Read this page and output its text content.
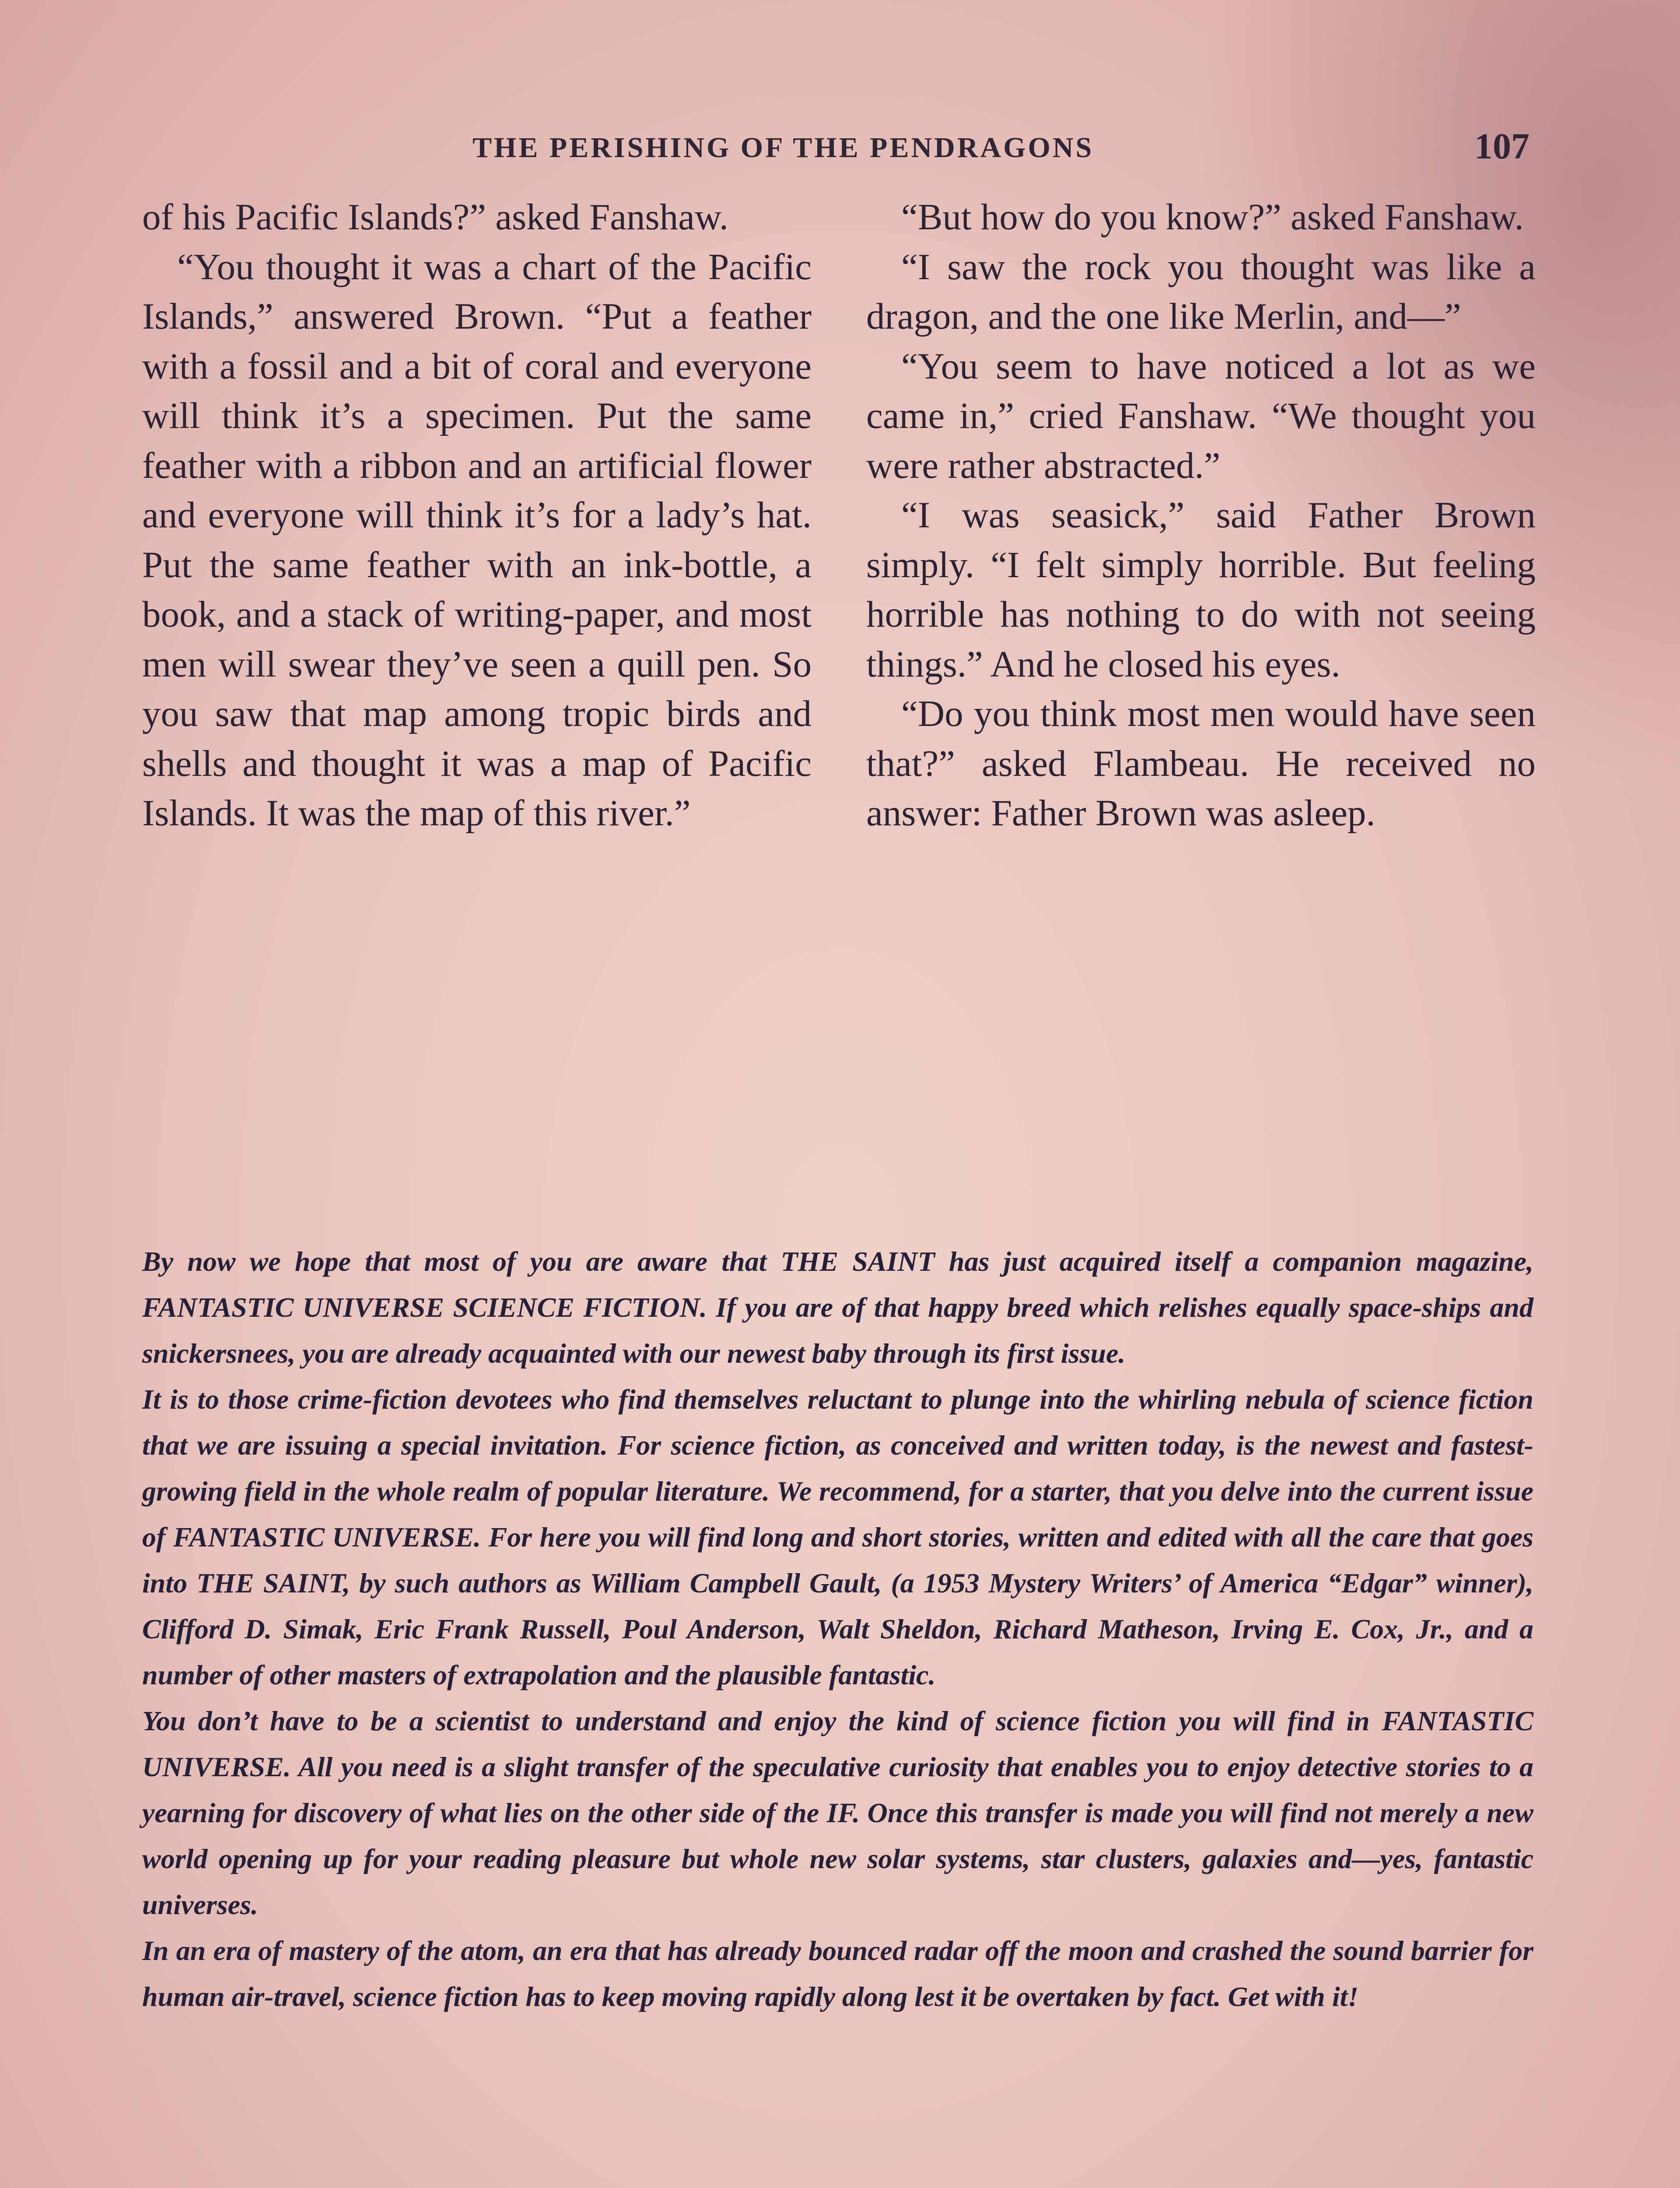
THE PERISHING OF THE PENDRAGONS	107

of his Pacific Islands?” asked Fanshaw.

“You thought it was a chart of the Pacific Islands,” answered Brown. “Put a feather with a fossil and a bit of coral and everyone will think it’s a specimen. Put the same feather with a ribbon and an artificial flower and everyone will think it’s for a lady’s hat. Put the same feather with an ink-bottle, a book, and a stack of writing-paper, and most men will swear they’ve seen a quill pen. So you saw that map among tropic birds and shells and thought it was a map of Pacific Islands. It was the map of this river.”

“But how do you know?” asked Fanshaw.

“I saw the rock you thought was like a dragon, and the one like Merlin, and—”

“You seem to have noticed a lot as we came in,” cried Fanshaw. “We thought you were rather abstracted.”

“I was seasick,” said Father Brown simply. “I felt simply horrible. But feeling horrible has nothing to do with not seeing things.” And he closed his eyes.

“Do you think most men would have seen that?” asked Flambeau. He received no answer: Father Brown was asleep.

By now we hope that most of you are aware that THE SAINT has just acquired itself a companion magazine, FANTASTIC UNIVERSE SCIENCE FICTION. If you are of that happy breed which relishes equally space-ships and snickersnees, you are already acquainted with our newest baby through its first issue.

It is to those crime-fiction devotees who find themselves reluctant to plunge into the whirling nebula of science fiction that we are issuing a special invitation. For science fiction, as conceived and written today, is the newest and fastest-growing field in the whole realm of popular literature. We recommend, for a starter, that you delve into the current issue of FANTASTIC UNIVERSE. For here you will find long and short stories, written and edited with all the care that goes into THE SAINT, by such authors as William Campbell Gault, (a 1953 Mystery Writers’ of America “Edgar” winner), Clifford D. Simak, Eric Frank Russell, Poul Anderson, Walt Sheldon, Richard Matheson, Irving E. Cox, Jr., and a number of other masters of extrapolation and the plausible fantastic.

You don’t have to be a scientist to understand and enjoy the kind of science fiction you will find in FANTASTIC UNIVERSE. All you need is a slight transfer of the speculative curiosity that enables you to enjoy detective stories to a yearning for discovery of what lies on the other side of the IF. Once this transfer is made you will find not merely a new world opening up for your reading pleasure but whole new solar systems, star clusters, galaxies and—yes, fantastic universes.

In an era of mastery of the atom, an era that has already bounced radar off the moon and crashed the sound barrier for human air-travel, science fiction has to keep moving rapidly along lest it be overtaken by fact. Get with it!
